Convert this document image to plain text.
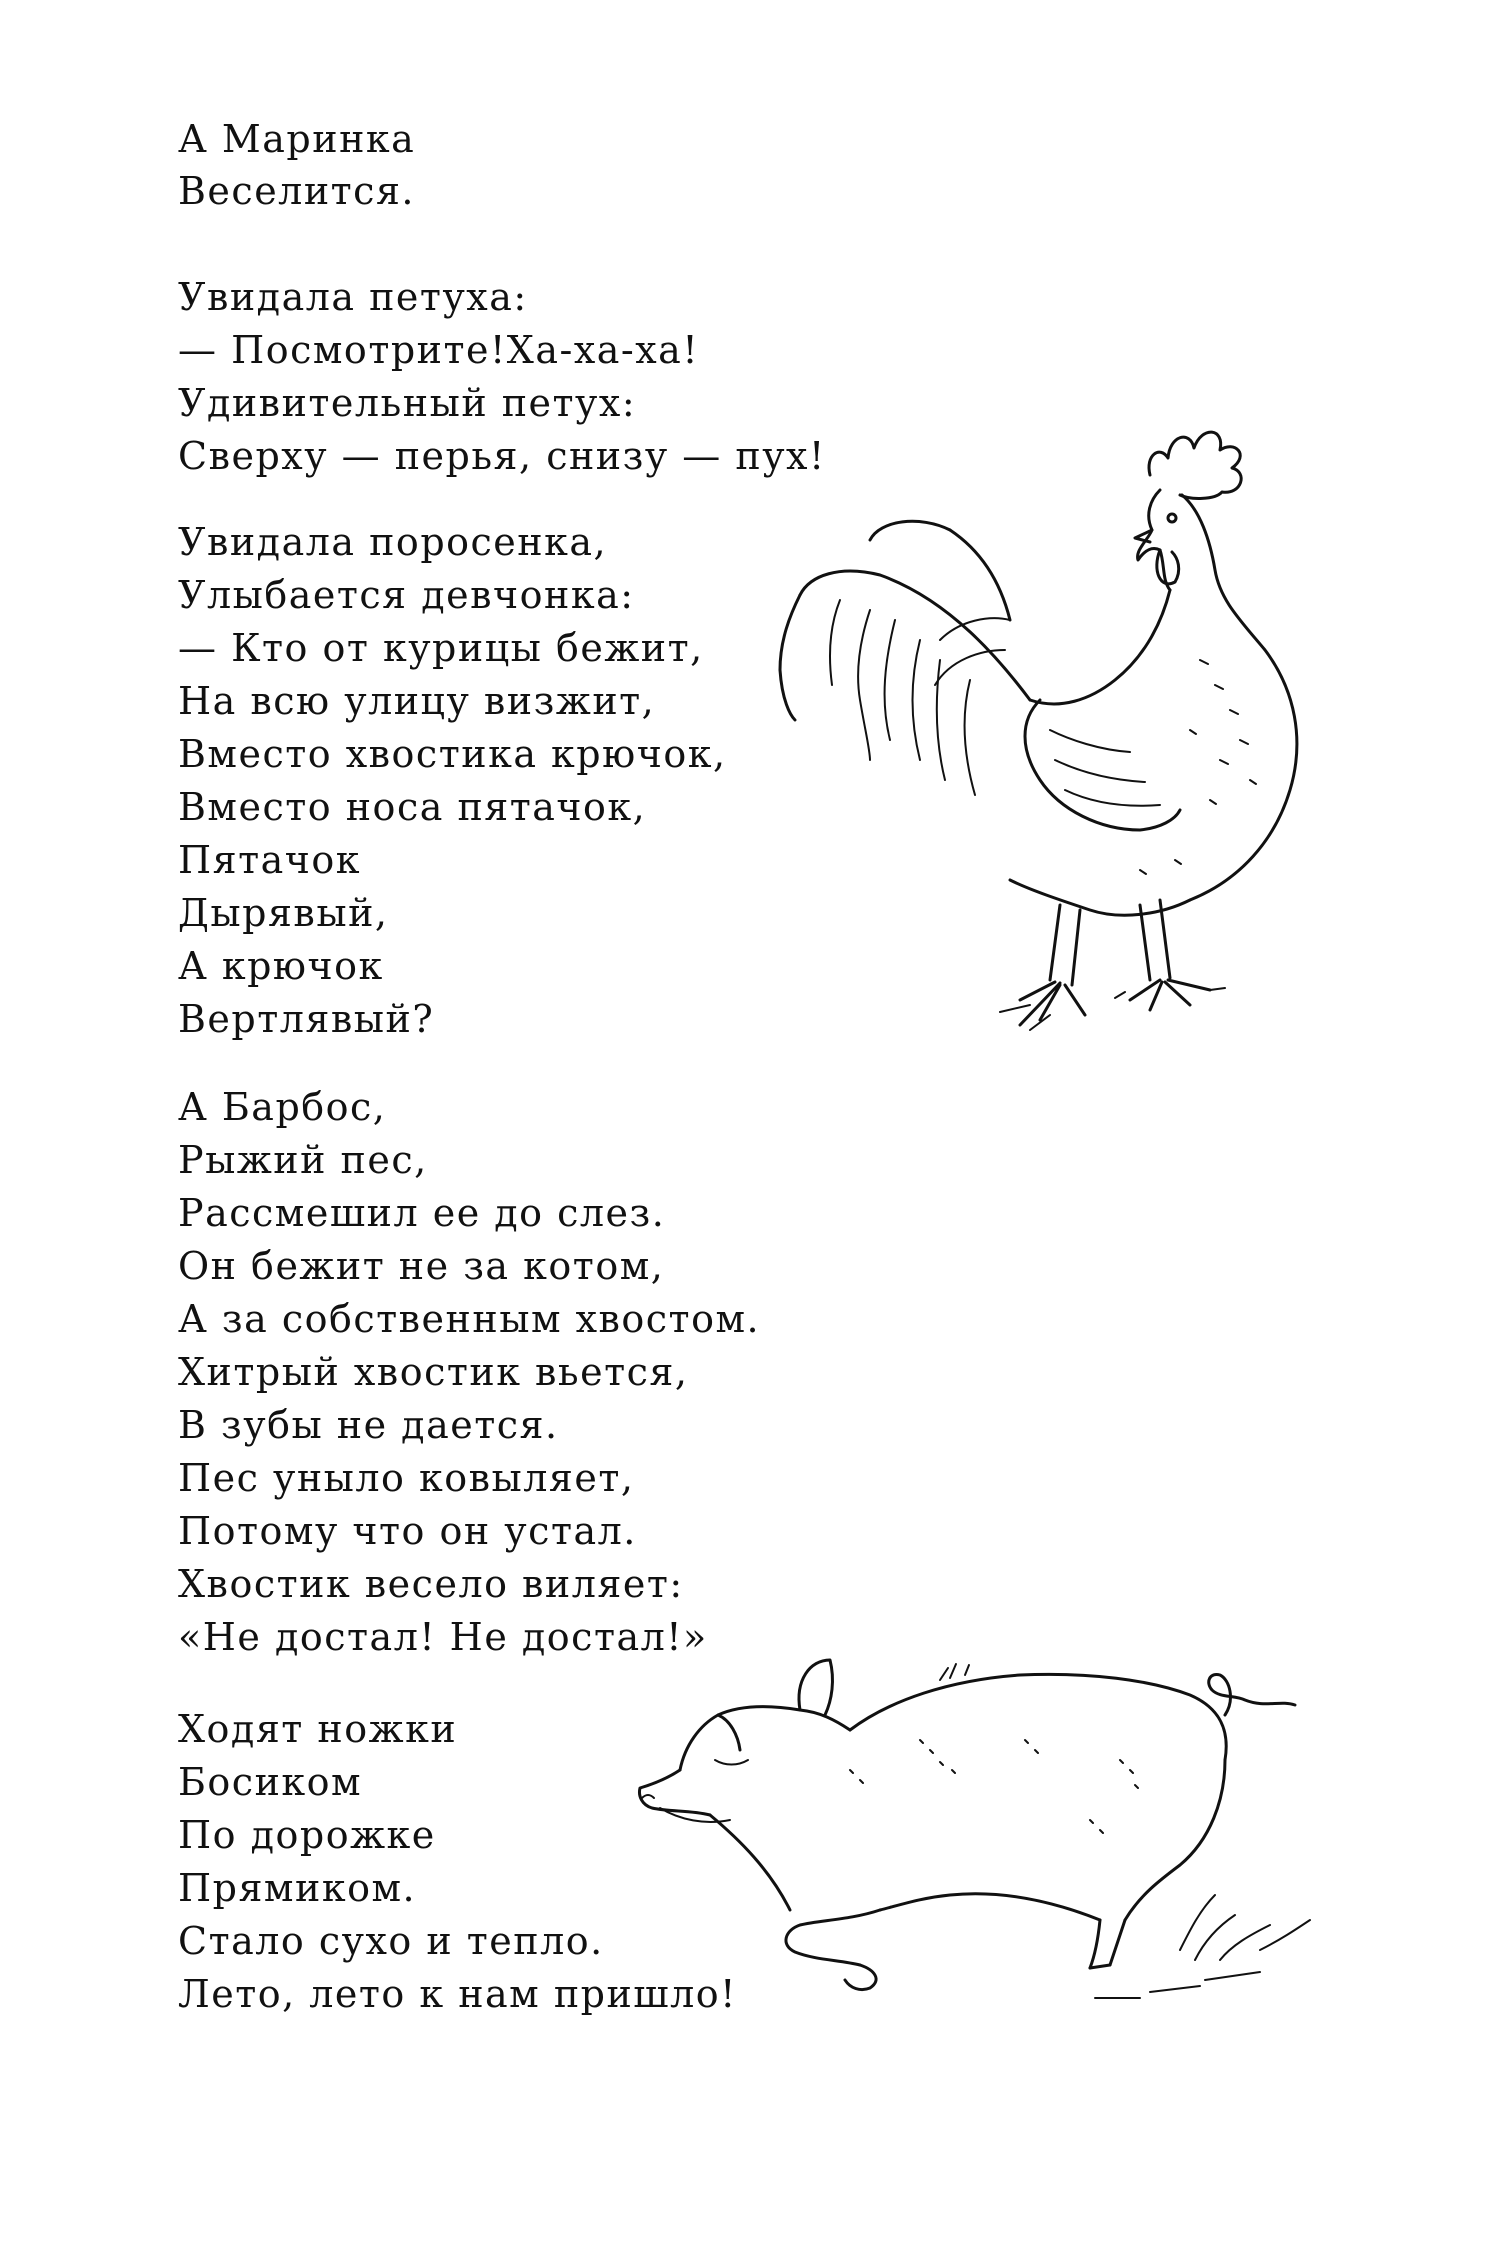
А Маринка
Веселится.
Увидала петуха:
— Посмотрите!Ха-ха-ха!
Удивительный петух:
Сверху — перья, снизу — пух!
Увидала поросенка,
Улыбается девчонка:
— Кто от курицы бежит,
На всю улицу визжит,
Вместо хвостика крючок,
Вместо носа пятачок,
Пятачок
Дырявый,
А крючок
Вертлявый?
А Барбос,
Рыжий пес,
Рассмешил ее до слез.
Он бежит не за котом,
А за собственным хвостом.
Хитрый хвостик вьется,
В зубы не дается.
Пес уныло ковыляет,
Потому что он устал.
Хвостик весело виляет:
«Не достал! Не достал!»
Ходят ножки
Босиком
По дорожке
Прямиком.
Стало сухо и тепло.
Лето, лето к нам пришло!
